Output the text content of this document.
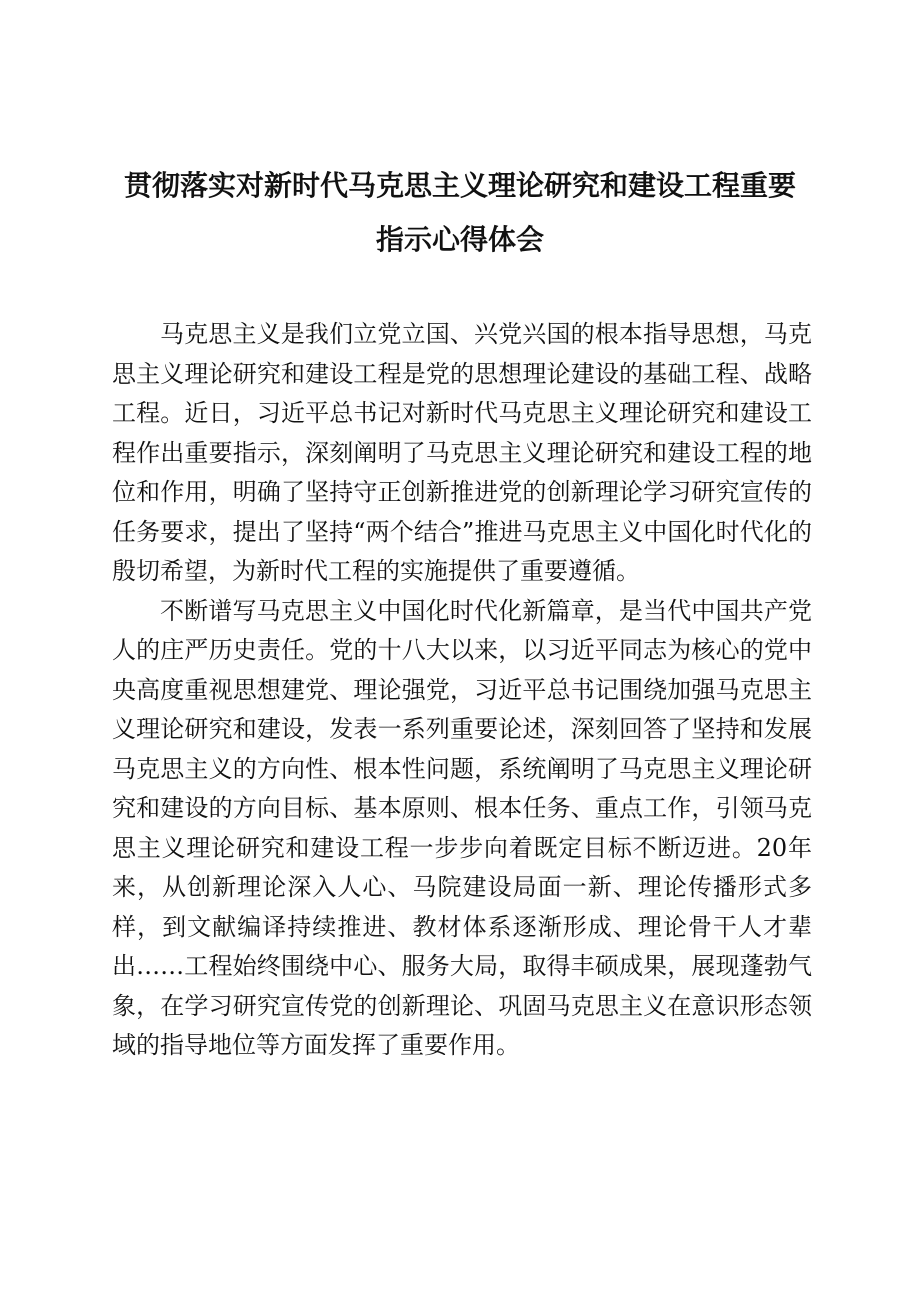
贯彻落实对新时代马克思主义理论研究和建设工程重要
指示心得体会

马克思主义是我们立党立国、兴党兴国的根本指导思想，马克思主义理论研究和建设工程是党的思想理论建设的基础工程、战略工程。近日，习近平总书记对新时代马克思主义理论研究和建设工程作出重要指示，深刻阐明了马克思主义理论研究和建设工程的地位和作用，明确了坚持守正创新推进党的创新理论学习研究宣传的任务要求，提出了坚持“两个结合”推进马克思主义中国化时代化的殷切希望，为新时代工程的实施提供了重要遵循。

不断谱写马克思主义中国化时代化新篇章，是当代中国共产党人的庄严历史责任。党的十八大以来，以习近平同志为核心的党中央高度重视思想建党、理论强党，习近平总书记围绕加强马克思主义理论研究和建设，发表一系列重要论述，深刻回答了坚持和发展马克思主义的方向性、根本性问题，系统阐明了马克思主义理论研究和建设的方向目标、基本原则、根本任务、重点工作，引领马克思主义理论研究和建设工程一步步向着既定目标不断迈进。20年来，从创新理论深入人心、马院建设局面一新、理论传播形式多样，到文献编译持续推进、教材体系逐渐形成、理论骨干人才辈出……工程始终围绕中心、服务大局，取得丰硕成果，展现蓬勃气象，在学习研究宣传党的创新理论、巩固马克思主义在意识形态领域的指导地位等方面发挥了重要作用。
